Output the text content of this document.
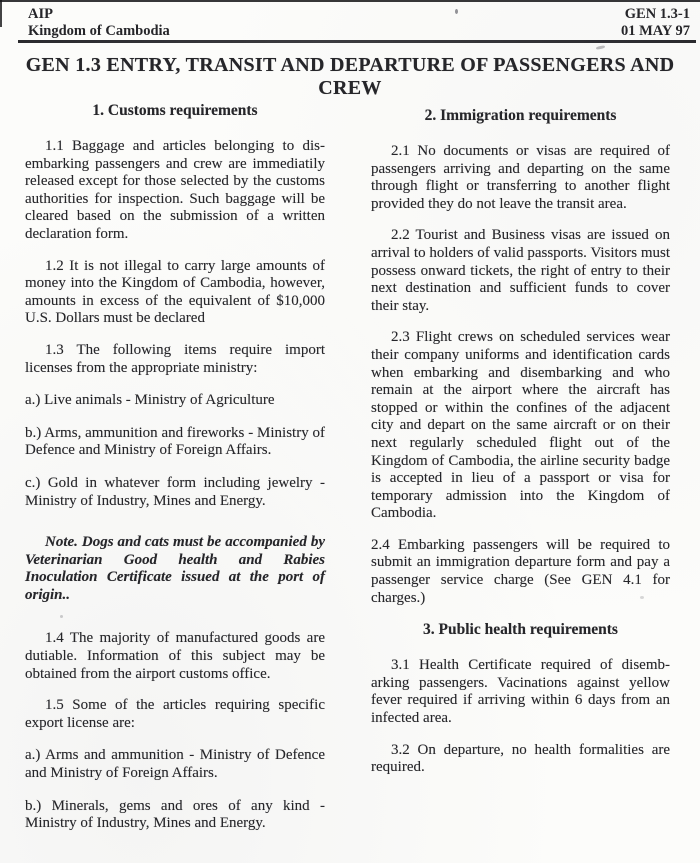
AIP
Kingdom of Cambodia
GEN 1.3-1
01 MAY 97
GEN 1.3 ENTRY, TRANSIT AND DEPARTURE OF PASSENGERS AND CREW
1. Customs requirements

1.1 Baggage and articles belonging to dis-embarking passengers and crew are immediatily released except for those selected by the customs authorities for inspection. Such baggage will be cleared based on the submission of a written declaration form.

1.2 It is not illegal to carry large amounts of money into the Kingdom of Cambodia, however, amounts in excess of the equivalent of $10,000 U.S. Dollars must be declared

1.3 The following items require import licenses from the appropriate ministry:

a.) Live animals - Ministry of Agriculture

b.) Arms, ammunition and fireworks - Ministry of Defence and Ministry of Foreign Affairs.

c.) Gold in whatever form including jewelry - Ministry of Industry, Mines and Energy.

Note. Dogs and cats must be accompanied by Veterinarian Good health and Rabies Inoculation Certificate issued at the port of origin..

1.4 The majority of manufactured goods are dutiable. Information of this subject may be obtained from the airport customs office.

1.5 Some of the articles requiring specific export license are:

a.) Arms and ammunition - Ministry of Defence and Ministry of Foreign Affairs.

b.) Minerals, gems and ores of any kind - Ministry of Industry, Mines and Energy.

2. Immigration requirements

2.1 No documents or visas are required of passengers arriving and departing on the same through flight or transferring to another flight provided they do not leave the transit area.

2.2 Tourist and Business visas are issued on arrival to holders of valid passports. Visitors must possess onward tickets, the right of entry to their next destination and sufficient funds to cover their stay.

2.3 Flight crews on scheduled services wear their company uniforms and identification cards when embarking and disembarking and who remain at the airport where the aircraft has stopped or within the confines of the adjacent city and depart on the same aircraft or on their next regularly scheduled flight out of the Kingdom of Cambodia, the airline security badge is accepted in lieu of a passport or visa for temporary admission into the Kingdom of Cambodia.

2.4 Embarking passengers will be required to submit an immigration departure form and pay a passenger service charge (See GEN 4.1 for charges.)

3. Public health requirements

3.1 Health Certificate required of disemb-arking passengers. Vacinations against yellow fever required if arriving within 6 days from an infected area.

3.2 On departure, no health formalities are required.
